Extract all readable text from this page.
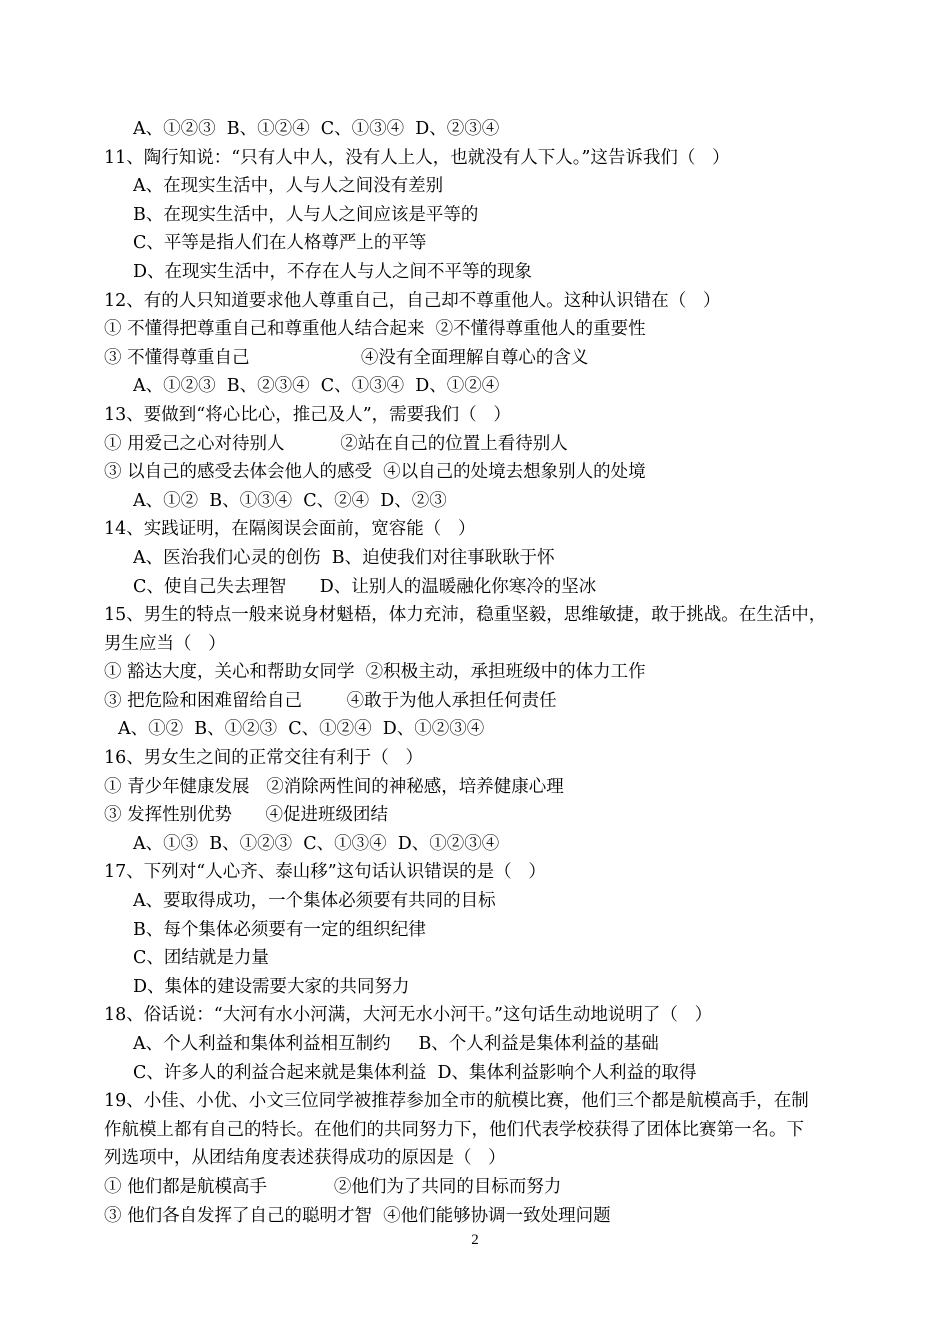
A、①②③  B、①②④  C、①③④  D、②③④
11、陶行知说：“只有人中人，没有人上人，也就没有人下人。”这告诉我们（   ）
A、在现实生活中，人与人之间没有差别
B、在现实生活中，人与人之间应该是平等的
C、平等是指人们在人格尊严上的平等
D、在现实生活中，不存在人与人之间不平等的现象
12、有的人只知道要求他人尊重自己，自己却不尊重他人。这种认识错在（   ）
① 不懂得把尊重自己和尊重他人结合起来  ②不懂得尊重他人的重要性
③ 不懂得尊重自己                    ④没有全面理解自尊心的含义
A、①②③  B、②③④  C、①③④  D、①②④
13、要做到“将心比心，推己及人”，需要我们（   ）
① 用爱己之心对待别人          ②站在自己的位置上看待别人
③ 以自己的感受去体会他人的感受  ④以自己的处境去想象别人的处境
A、①②  B、①③④  C、②④  D、②③
14、实践证明，在隔阂误会面前，宽容能（   ）
A、医治我们心灵的创伤  B、迫使我们对往事耿耿于怀
C、使自己失去理智      D、让别人的温暖融化你寒冷的坚冰
15、男生的特点一般来说身材魁梧，体力充沛，稳重坚毅，思维敏捷，敢于挑战。在生活中，
男生应当（   ）
① 豁达大度，关心和帮助女同学  ②积极主动，承担班级中的体力工作
③ 把危险和困难留给自己        ④敢于为他人承担任何责任
A、①②  B、①②③  C、①②④  D、①②③④
16、男女生之间的正常交往有利于（   ）
① 青少年健康发展   ②消除两性间的神秘感，培养健康心理
③ 发挥性别优势      ④促进班级团结
A、①③  B、①②③  C、①③④  D、①②③④
17、下列对“人心齐、泰山移”这句话认识错误的是（   ）
A、要取得成功，一个集体必须要有共同的目标
B、每个集体必须要有一定的组织纪律
C、团结就是力量
D、集体的建设需要大家的共同努力
18、俗话说：“大河有水小河满，大河无水小河干。”这句话生动地说明了（   ）
A、个人利益和集体利益相互制约     B、个人利益是集体利益的基础
C、许多人的利益合起来就是集体利益  D、集体利益影响个人利益的取得
19、小佳、小优、小文三位同学被推荐参加全市的航模比赛，他们三个都是航模高手，在制
作航模上都有自己的特长。在他们的共同努力下，他们代表学校获得了团体比赛第一名。下
列选项中，从团结角度表述获得成功的原因是（   ）
① 他们都是航模高手            ②他们为了共同的目标而努力
③ 他们各自发挥了自己的聪明才智  ④他们能够协调一致处理问题
2
